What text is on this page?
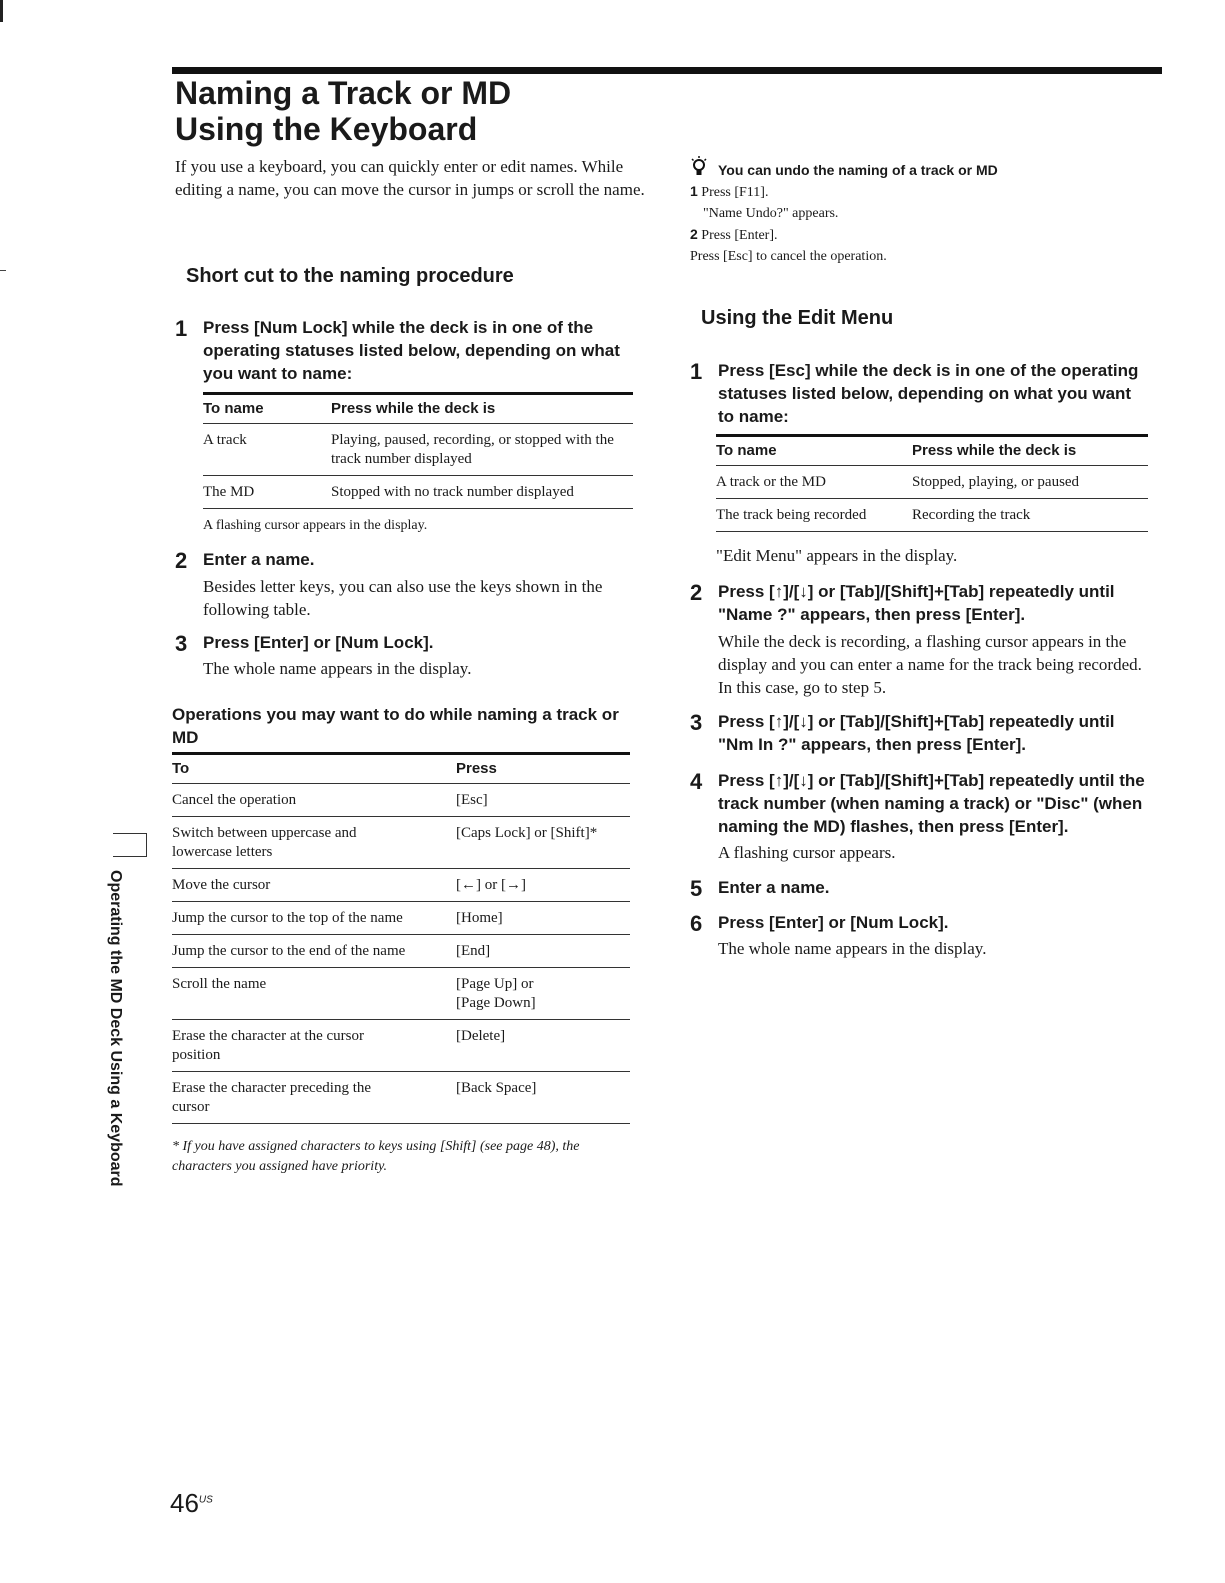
Naming a Track or MD
Using the Keyboard

If you use a keyboard, you can quickly enter or edit names. While editing a name, you can move the cursor in jumps or scroll the name.

Short cut to the naming procedure
1 Press [Num Lock] while the deck is in one of the operating statuses listed below, depending on what you want to name:
To name	Press while the deck is
A track	Playing, paused, recording, or stopped with the track number displayed
The MD	Stopped with no track number displayed
A flashing cursor appears in the display.
2 Enter a name.
Besides letter keys, you can also use the keys shown in the following table.
3 Press [Enter] or [Num Lock].
The whole name appears in the display.
Operations you may want to do while naming a track or MD
To	Press
Cancel the operation	[Esc]
Switch between uppercase and lowercase letters	[Caps Lock] or [Shift]*
Move the cursor	[←] or [→]
Jump the cursor to the top of the name	[Home]
Jump the cursor to the end of the name	[End]
Scroll the name	[Page Up] or [Page Down]
Erase the character at the cursor position	[Delete]
Erase the character preceding the cursor	[Back Space]
* If you have assigned characters to keys using [Shift] (see page 48), the characters you assigned have priority.
You can undo the naming of a track or MD
1 Press [F11].
"Name Undo?" appears.
2 Press [Enter].
Press [Esc] to cancel the operation.
Using the Edit Menu
1 Press [Esc] while the deck is in one of the operating statuses listed below, depending on what you want to name:
To name	Press while the deck is
A track or the MD	Stopped, playing, or paused
The track being recorded	Recording the track
"Edit Menu" appears in the display.
2 Press [↑]/[↓] or [Tab]/[Shift]+[Tab] repeatedly until "Name ?" appears, then press [Enter].
While the deck is recording, a flashing cursor appears in the display and you can enter a name for the track being recorded. In this case, go to step 5.
3 Press [↑]/[↓] or [Tab]/[Shift]+[Tab] repeatedly until "Nm In ?" appears, then press [Enter].
4 Press [↑]/[↓] or [Tab]/[Shift]+[Tab] repeatedly until the track number (when naming a track) or "Disc" (when naming the MD) flashes, then press [Enter].
A flashing cursor appears.
5 Enter a name.
6 Press [Enter] or [Num Lock].
The whole name appears in the display.
Operating the MD Deck Using a Keyboard
$46^{US}$
